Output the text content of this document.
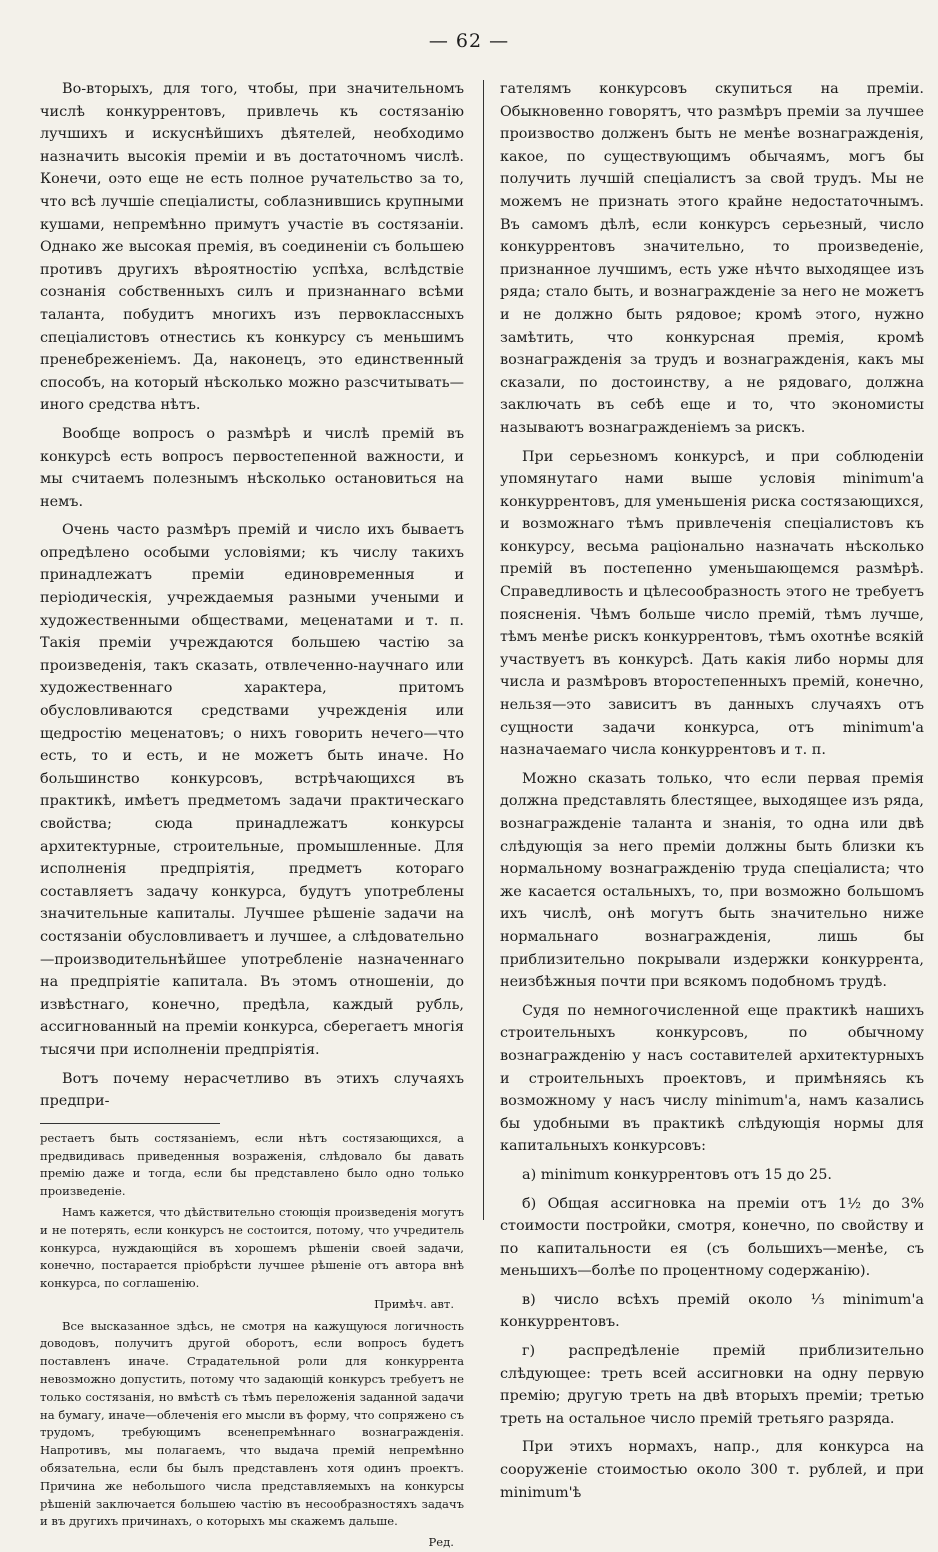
— 62 —

Во-вторыхъ, для того, чтобы, при значительномъ числѣ конкуррентовъ, привлечь къ состязанію лучшихъ и искуснѣйшихъ дѣятелей, необходимо назначить высокія преміи и въ достаточномъ числѣ. Конечи, оэто еще не есть полное ручательство за то, что всѣ лучшіе спеціалисты, соблазнившись крупными кушами, непремѣнно примутъ участіе въ состязаніи. Однако же высокая премія, въ соединеніи съ большею противъ другихъ вѣроятностію успѣха, вслѣдствіе сознанія собственныхъ силъ и признаннаго всѣми таланта, побудитъ многихъ изъ первоклассныхъ спеціалистовъ отнестись къ конкурсу съ меньшимъ пренебреженіемъ. Да, наконецъ, это единственный способъ, на который нѣсколько можно разсчитывать—иного средства нѣтъ.

Вообще вопросъ о размѣрѣ и числѣ премій въ конкурсѣ есть вопросъ первостепенной важности, и мы считаемъ полезнымъ нѣсколько остановиться на немъ.

Очень часто размѣръ премій и число ихъ бываетъ опредѣлено особыми условіями; къ числу такихъ принадлежатъ преміи единовременныя и періодическія, учреждаемыя разными учеными и художественными обществами, меценатами и т. п. Такія преміи учреждаются большею частію за произведенія, такъ сказать, отвлеченно-научнаго или художественнаго характера, притомъ обусловливаются средствами учрежденія или щедростію меценатовъ; о нихъ говорить нечего—что есть, то и есть, и не можетъ быть иначе. Но большинство конкурсовъ, встрѣчающихся въ практикѣ, имѣетъ предметомъ задачи практическаго свойства; сюда принадлежатъ конкурсы архитектурные, строительные, промышленные. Для исполненія предпріятія, предметъ котораго составляетъ задачу конкурса, будутъ употреблены значительные капиталы. Лучшее рѣшеніе задачи на состязаніи обусловливаетъ и лучшее, а слѣдовательно—производительнѣйшее употребленіе назначеннаго на предпріятіе капитала. Въ этомъ отношеніи, до извѣстнаго, конечно, предѣла, каждый рубль, ассигнованный на преміи конкурса, сберегаетъ многія тысячи при исполненіи предпріятія.

Вотъ почему нерасчетливо въ этихъ случаяхъ предпри-

рестаетъ быть состязаніемъ, если нѣтъ состязающихся, а предвидивась приведенныя возраженія, слѣдовало бы давать премію даже и тогда, если бы представлено было одно только произведеніе.

Намъ кажется, что дѣйствительно стоющія произведенія могутъ и не потерять, если конкурсъ не состоится, потому, что учредитель конкурса, нуждающійся въ хорошемъ рѣшеніи своей задачи, конечно, постарается пріобрѣсти лучшее рѣшеніе отъ автора внѣ конкурса, по соглашенію.

Примѣч. авт.

Все высказанное здѣсь, не смотря на кажущуюся логичность доводовъ, получитъ другой оборотъ, если вопросъ будетъ поставленъ иначе. Страдательной роли для конкуррента невозможно допустить, потому что задающій конкурсъ требуетъ не только состязанія, но вмѣстѣ съ тѣмъ переложенія заданной задачи на бумагу, иначе—облеченія его мысли въ форму, что сопряжено съ трудомъ, требующимъ всенепремѣннаго вознагражденія. Напротивъ, мы полагаемъ, что выдача премій непремѣнно обязательна, если бы былъ представленъ хотя одинъ проектъ. Причина же небольшого числа представляемыхъ на конкурсы рѣшеній заключается большею частію въ несообразностяхъ задачъ и въ другихъ причинахъ, о которыхъ мы скажемъ дальше.

Ред.

гателямъ конкурсовъ скупиться на преміи. Обыкновенно говорятъ, что размѣръ преміи за лучшее произвоство долженъ быть не менѣе вознагражденія, какое, по существующимъ обычаямъ, могъ бы получить лучшій спеціалистъ за свой трудъ. Мы не можемъ не признать этого крайне недостаточнымъ. Въ самомъ дѣлѣ, если конкурсъ серьезный, число конкуррентовъ значительно, то произведеніе, признанное лучшимъ, есть уже нѣчто выходящее изъ ряда; стало быть, и вознагражденіе за него не можетъ и не должно быть рядовое; кромѣ этого, нужно замѣтить, что конкурсная премія, кромѣ вознагражденія за трудъ и вознагражденія, какъ мы сказали, по достоинству, а не рядоваго, должна заключать въ себѣ еще и то, что экономисты называютъ вознагражденіемъ за рискъ.

При серьезномъ конкурсѣ, и при соблюденіи упомянутаго нами выше условія minimum'а конкуррентовъ, для уменьшенія риска состязающихся, и возможнаго тѣмъ привлеченія спеціалистовъ къ конкурсу, весьма раціонально назначать нѣсколько премій въ постепенно уменьшающемся размѣрѣ. Справедливость и цѣлесообразность этого не требуетъ поясненія. Чѣмъ больше число премій, тѣмъ лучше, тѣмъ менѣе рискъ конкуррентовъ, тѣмъ охотнѣе всякій участвуетъ въ конкурсѣ. Дать какія либо нормы для числа и размѣровъ второстепенныхъ премій, конечно, нельзя—это зависитъ въ данныхъ случаяхъ отъ сущности задачи конкурса, отъ minimum'а назначаемаго числа конкуррентовъ и т. п.

Можно сказать только, что если первая премія должна представлять блестящее, выходящее изъ ряда, вознагражденіе таланта и знанія, то одна или двѣ слѣдующія за него преміи должны быть близки къ нормальному вознагражденію труда спеціалиста; что же касается остальныхъ, то, при возможно большомъ ихъ числѣ, онѣ могутъ быть значительно ниже нормальнаго вознагражденія, лишь бы приблизительно покрывали издержки конкуррента, неизбѣжныя почти при всякомъ подобномъ трудѣ.

Судя по немногочисленной еще практикѣ нашихъ строительныхъ конкурсовъ, по обычному вознагражденію у насъ составителей архитектурныхъ и строительныхъ проектовъ, и примѣняясь къ возможному у насъ числу minimum'а, намъ казались бы удобными въ практикѣ слѣдующія нормы для капитальныхъ конкурсовъ:

а) minimum конкуррентовъ отъ 15 до 25.

б) Общая ассигновка на преміи отъ 1½ до 3% стоимости постройки, смотря, конечно, по свойству и по капитальности ея (съ большихъ—менѣе, съ меньшихъ—болѣе по процентному содержанію).

в) число всѣхъ премій около ⅓ minimum'а конкуррентовъ.

г) распредѣленіе премій приблизительно слѣдующее: треть всей ассигновки на одну первую премію; другую треть на двѣ вторыхъ преміи; третью треть на остальное число премій третьяго разряда.

При этихъ нормахъ, напр., для конкурса на сооруженіе стоимостью около 300 т. рублей, и при minimum'ѣ
